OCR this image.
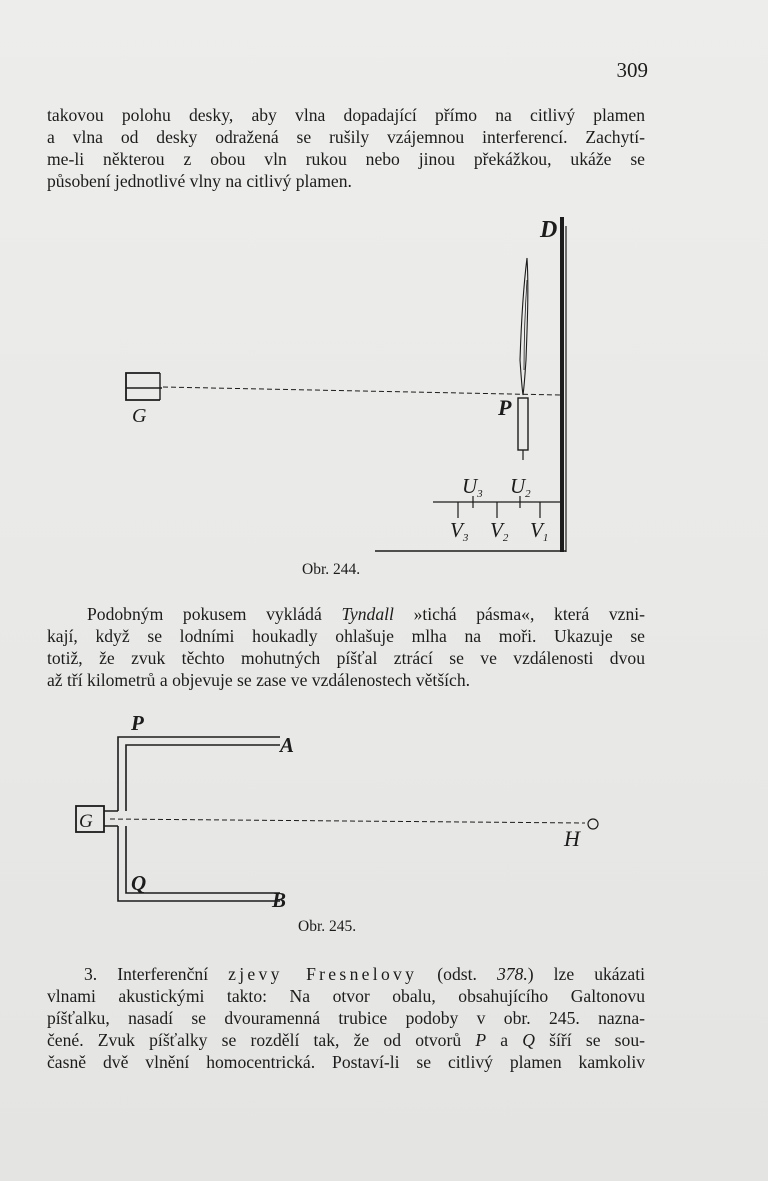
309

takovou polohu desky, aby vlna dopadající přímo na citlivý plamen
a vlna od desky odražená se rušily vzájemnou interferencí. Zachytí-
me-li některou z obou vln rukou nebo jinou překážkou, ukáže se
působení jednotlivé vlny na citlivý plamen.

D
G	P
U3 U2
V3 V2 V1
Obr. 244.

Podobným pokusem vykládá Tyndall »tichá pásma«, která vzni-
kají, když se lodními houkadly ohlašuje mlha na moři. Ukazuje se
totiž, že zvuk těchto mohutných píšťal ztrácí se ve vzdálenosti dvou
až tří kilometrů a objevuje se zase ve vzdálenostech větších.

P
A
G
H
Q
B
Obr. 245.

3. Interferenční zjevy Fresnelovy (odst. 378.) lze ukázati
vlnami akustickými takto: Na otvor obalu, obsahujícího Galtonovu
píšťalku, nasadí se dvouramenná trubice podoby v obr. 245. nazna-
čené. Zvuk píšťalky se rozdělí tak, že od otvorů P a Q šíří se sou-
časně dvě vlnění homocentrická. Postaví-li se citlivý plamen kamkoliv
